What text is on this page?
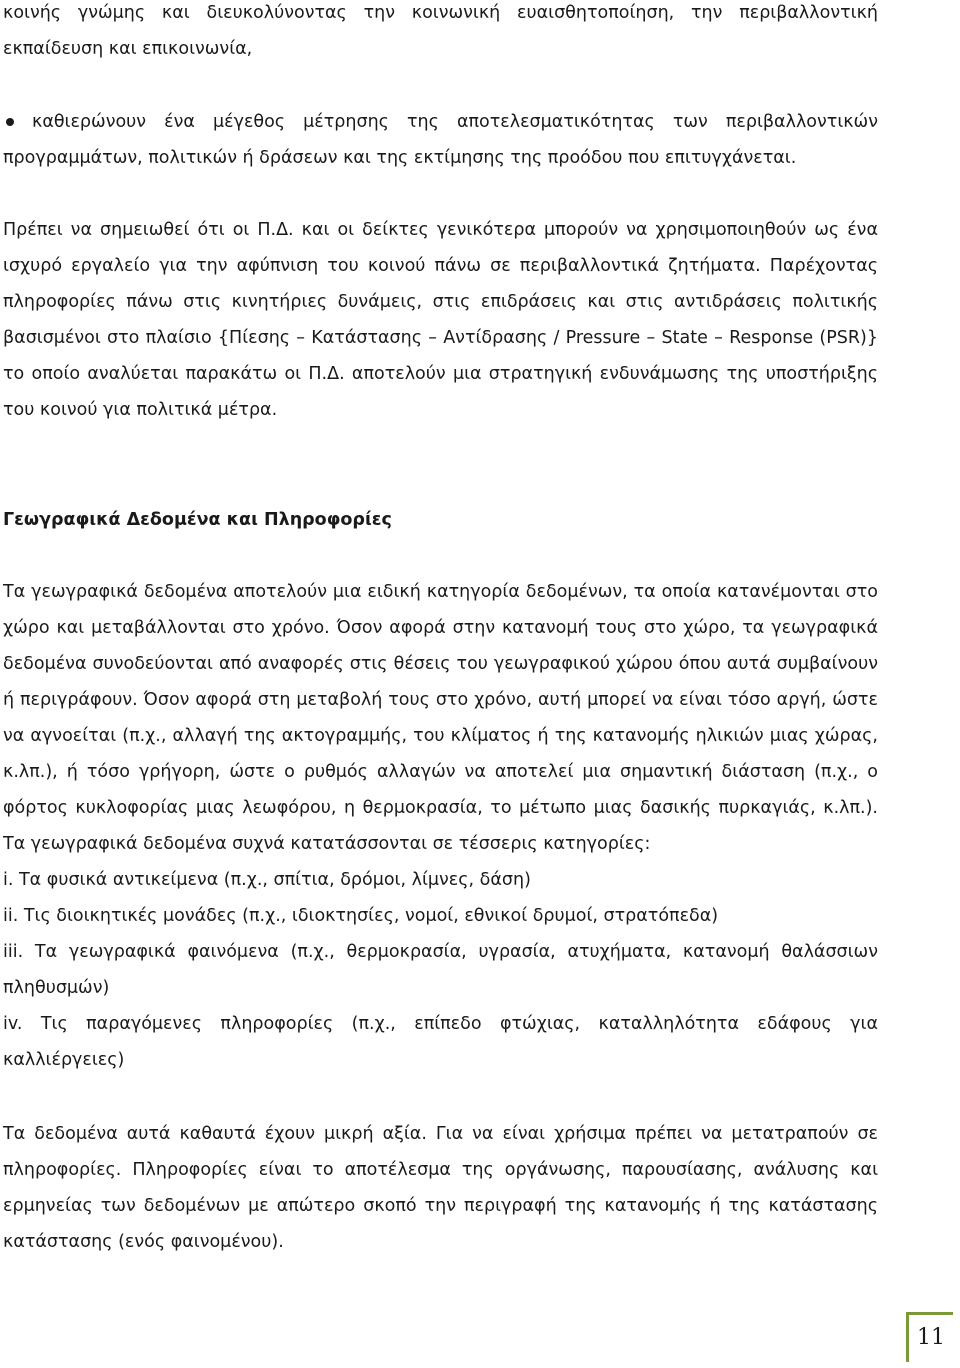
κοινής γνώμης και διευκολύνοντας την κοινωνική ευαισθητοποίηση, την περιβαλλοντική
εκπαίδευση και επικοινωνία,
καθιερώνουν ένα μέγεθος μέτρησης της αποτελεσματικότητας των περιβαλλοντικών
προγραμμάτων, πολιτικών ή δράσεων και της εκτίμησης της προόδου που επιτυγχάνεται.
Πρέπει να σημειωθεί ότι οι Π.Δ. και οι δείκτες γενικότερα μπορούν να χρησιμοποιηθούν ως ένα
ισχυρό εργαλείο για την αφύπνιση του κοινού πάνω σε περιβαλλοντικά ζητήματα. Παρέχοντας
πληροφορίες πάνω στις κινητήριες δυνάμεις, στις επιδράσεις και στις αντιδράσεις πολιτικής
βασισμένοι στο πλαίσιο {Πίεσης – Κατάστασης – Αντίδρασης / Pressure – State – Response (PSR)}
το οποίο αναλύεται παρακάτω οι Π.Δ. αποτελούν μια στρατηγική ενδυνάμωσης της υποστήριξης
του κοινού για πολιτικά μέτρα.
Γεωγραφικά Δεδομένα και Πληροφορίες
Τα γεωγραφικά δεδομένα αποτελούν μια ειδική κατηγορία δεδομένων, τα οποία κατανέμονται στο
χώρο και μεταβάλλονται στο χρόνο. Όσον αφορά στην κατανομή τους στο χώρο, τα γεωγραφικά
δεδομένα συνοδεύονται από αναφορές στις θέσεις του γεωγραφικού χώρου όπου αυτά συμβαίνουν
ή περιγράφουν. Όσον αφορά στη μεταβολή τους στο χρόνο, αυτή μπορεί να είναι τόσο αργή, ώστε
να αγνοείται (π.χ., αλλαγή της ακτογραμμής, του κλίματος ή της κατανομής ηλικιών μιας χώρας,
κ.λπ.), ή τόσο γρήγορη, ώστε ο ρυθμός αλλαγών να αποτελεί μια σημαντική διάσταση (π.χ., ο
φόρτος κυκλοφορίας μιας λεωφόρου, η θερμοκρασία, το μέτωπο μιας δασικής πυρκαγιάς, κ.λπ.).
Τα γεωγραφικά δεδομένα συχνά κατατάσσονται σε τέσσερις κατηγορίες:
i. Τα φυσικά αντικείμενα (π.χ., σπίτια, δρόμοι, λίμνες, δάση)
ii. Τις διοικητικές μονάδες (π.χ., ιδιοκτησίες, νομοί, εθνικοί δρυμοί, στρατόπεδα)
iii. Τα γεωγραφικά φαινόμενα (π.χ., θερμοκρασία, υγρασία, ατυχήματα, κατανομή θαλάσσιων
πληθυσμών)
iv. Τις παραγόμενες πληροφορίες (π.χ., επίπεδο φτώχιας, καταλληλότητα εδάφους για
καλλιέργειες)
Τα δεδομένα αυτά καθαυτά έχουν μικρή αξία. Για να είναι χρήσιμα πρέπει να μετατραπούν σε
πληροφορίες. Πληροφορίες είναι το αποτέλεσμα της οργάνωσης, παρουσίασης, ανάλυσης και
ερμηνείας των δεδομένων με απώτερο σκοπό την περιγραφή της κατανομής ή της κατάστασης
κατάστασης (ενός φαινομένου).
11
